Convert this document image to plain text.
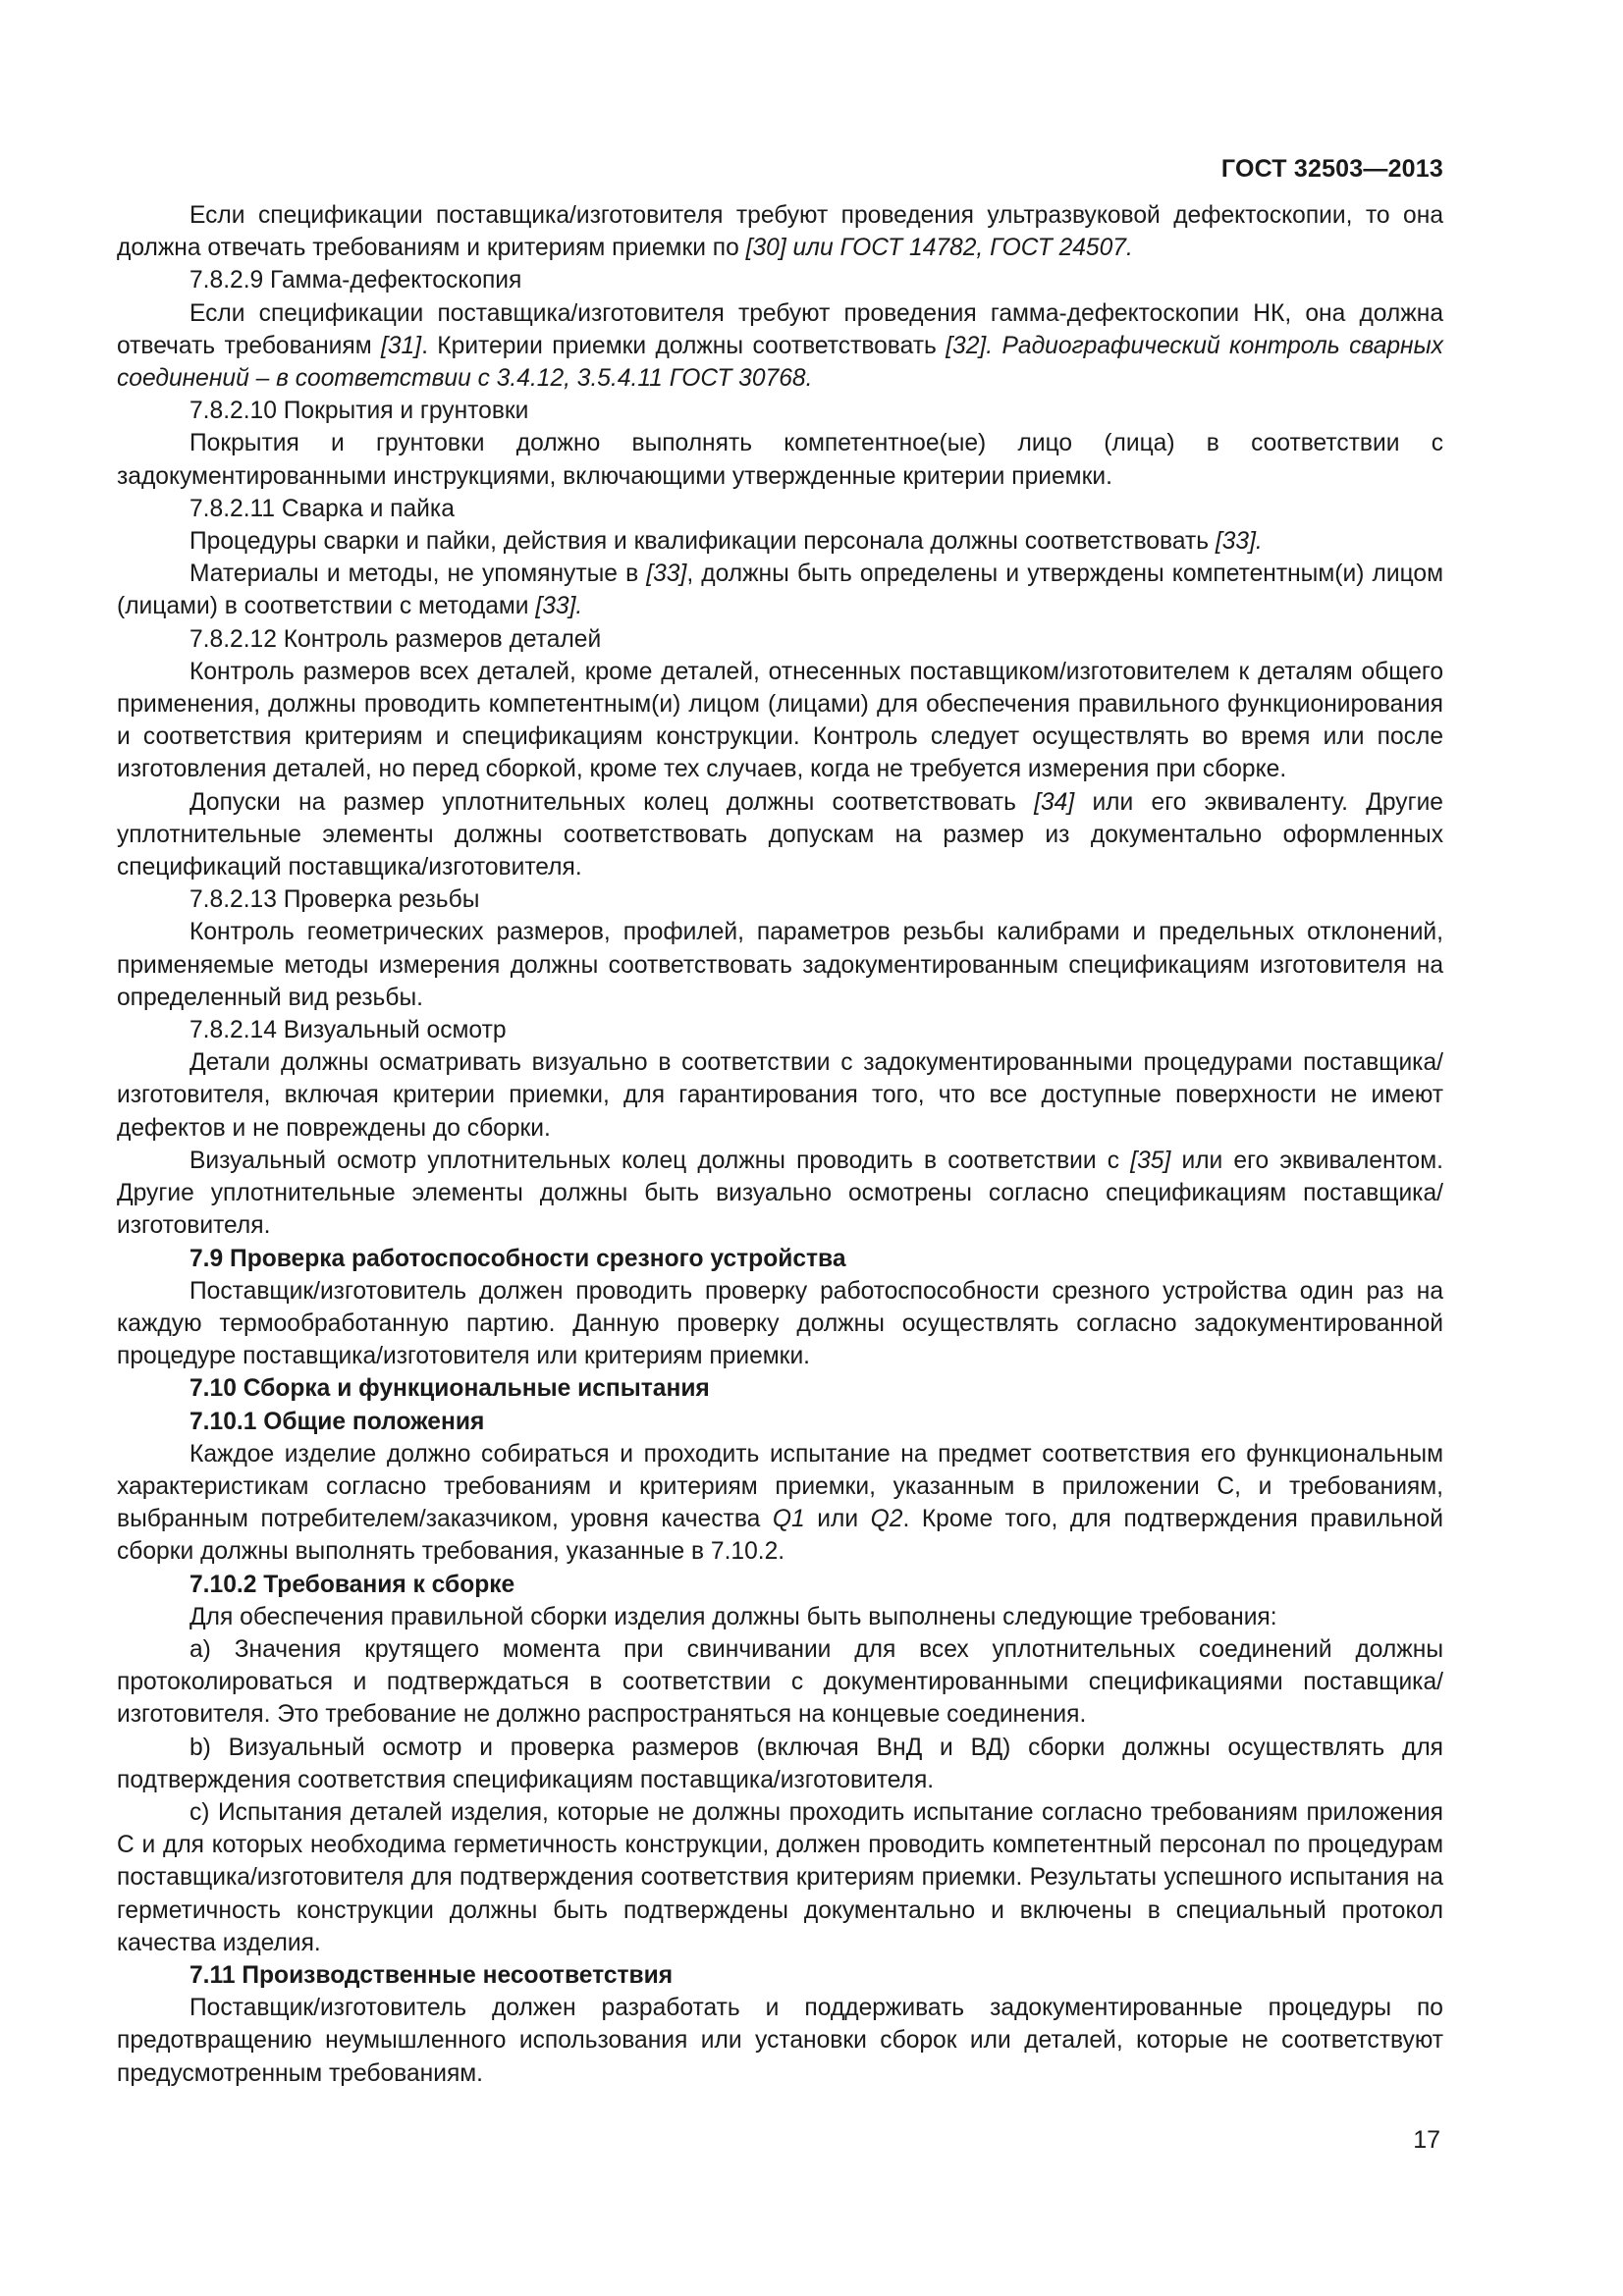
ГОСТ 32503—2013

Если спецификации поставщика/изготовителя требуют проведения ультразвуковой дефектоскопии, то она должна отвечать требованиям и критериям приемки по [30] или ГОСТ 14782, ГОСТ 24507.

7.8.2.9 Гамма-дефектоскопия

Если спецификации поставщика/изготовителя требуют проведения гамма-дефектоскопии НК, она должна отвечать требованиям [31]. Критерии приемки должны соответствовать [32]. Радиографический контроль сварных соединений – в соответствии с 3.4.12, 3.5.4.11 ГОСТ 30768.

7.8.2.10 Покрытия и грунтовки

Покрытия и грунтовки должно выполнять компетентное(ые) лицо (лица) в соответствии с задокументированными инструкциями, включающими утвержденные критерии приемки.

7.8.2.11 Сварка и пайка

Процедуры сварки и пайки, действия и квалификации персонала должны соответствовать [33].

Материалы и методы, не упомянутые в [33], должны быть определены и утверждены компетентным(и) лицом (лицами) в соответствии с методами [33].

7.8.2.12 Контроль размеров деталей

Контроль размеров всех деталей, кроме деталей, отнесенных поставщиком/изготовителем к деталям общего применения, должны проводить компетентным(и) лицом (лицами) для обеспечения правильного функционирования и соответствия критериям и спецификациям конструкции. Контроль следует осуществлять во время или после изготовления деталей, но перед сборкой, кроме тех случаев, когда не требуется измерения при сборке.

Допуски на размер уплотнительных колец должны соответствовать [34] или его эквиваленту. Другие уплотнительные элементы должны соответствовать допускам на размер из документально оформленных спецификаций поставщика/изготовителя.

7.8.2.13 Проверка резьбы

Контроль геометрических размеров, профилей, параметров резьбы калибрами и предельных отклонений, применяемые методы измерения должны соответствовать задокументированным спецификациям изготовителя на определенный вид резьбы.

7.8.2.14 Визуальный осмотр

Детали должны осматривать визуально в соответствии с задокументированными процедурами поставщика/изготовителя, включая критерии приемки, для гарантирования того, что все доступные поверхности не имеют дефектов и не повреждены до сборки.

Визуальный осмотр уплотнительных колец должны проводить в соответствии с [35] или его эквивалентом. Другие уплотнительные элементы должны быть визуально осмотрены согласно спецификациям поставщика/изготовителя.

7.9 Проверка работоспособности срезного устройства

Поставщик/изготовитель должен проводить проверку работоспособности срезного устройства один раз на каждую термообработанную партию. Данную проверку должны осуществлять согласно задокументированной процедуре поставщика/изготовителя или критериям приемки.

7.10 Сборка и функциональные испытания

7.10.1 Общие положения

Каждое изделие должно собираться и проходить испытание на предмет соответствия его функциональным характеристикам согласно требованиям и критериям приемки, указанным в приложении С, и требованиям, выбранным потребителем/заказчиком, уровня качества Q1 или Q2. Кроме того, для подтверждения правильной сборки должны выполнять требования, указанные в 7.10.2.

7.10.2 Требования к сборке

Для обеспечения правильной сборки изделия должны быть выполнены следующие требования:

а) Значения крутящего момента при свинчивании для всех уплотнительных соединений должны протоколироваться и подтверждаться в соответствии с документированными спецификациями поставщика/изготовителя. Это требование не должно распространяться на концевые соединения.

b) Визуальный осмотр и проверка размеров (включая ВнД и ВД) сборки должны осуществлять для подтверждения соответствия спецификациям поставщика/изготовителя.

с) Испытания деталей изделия, которые не должны проходить испытание согласно требованиям приложения С и для которых необходима герметичность конструкции, должен проводить компетентный персонал по процедурам поставщика/изготовителя для подтверждения соответствия критериям приемки. Результаты успешного испытания на герметичность конструкции должны быть подтверждены документально и включены в специальный протокол качества изделия.

7.11 Производственные несоответствия

Поставщик/изготовитель должен разработать и поддерживать задокументированные процедуры по предотвращению неумышленного использования или установки сборок или деталей, которые не соответствуют предусмотренным требованиям.

17
